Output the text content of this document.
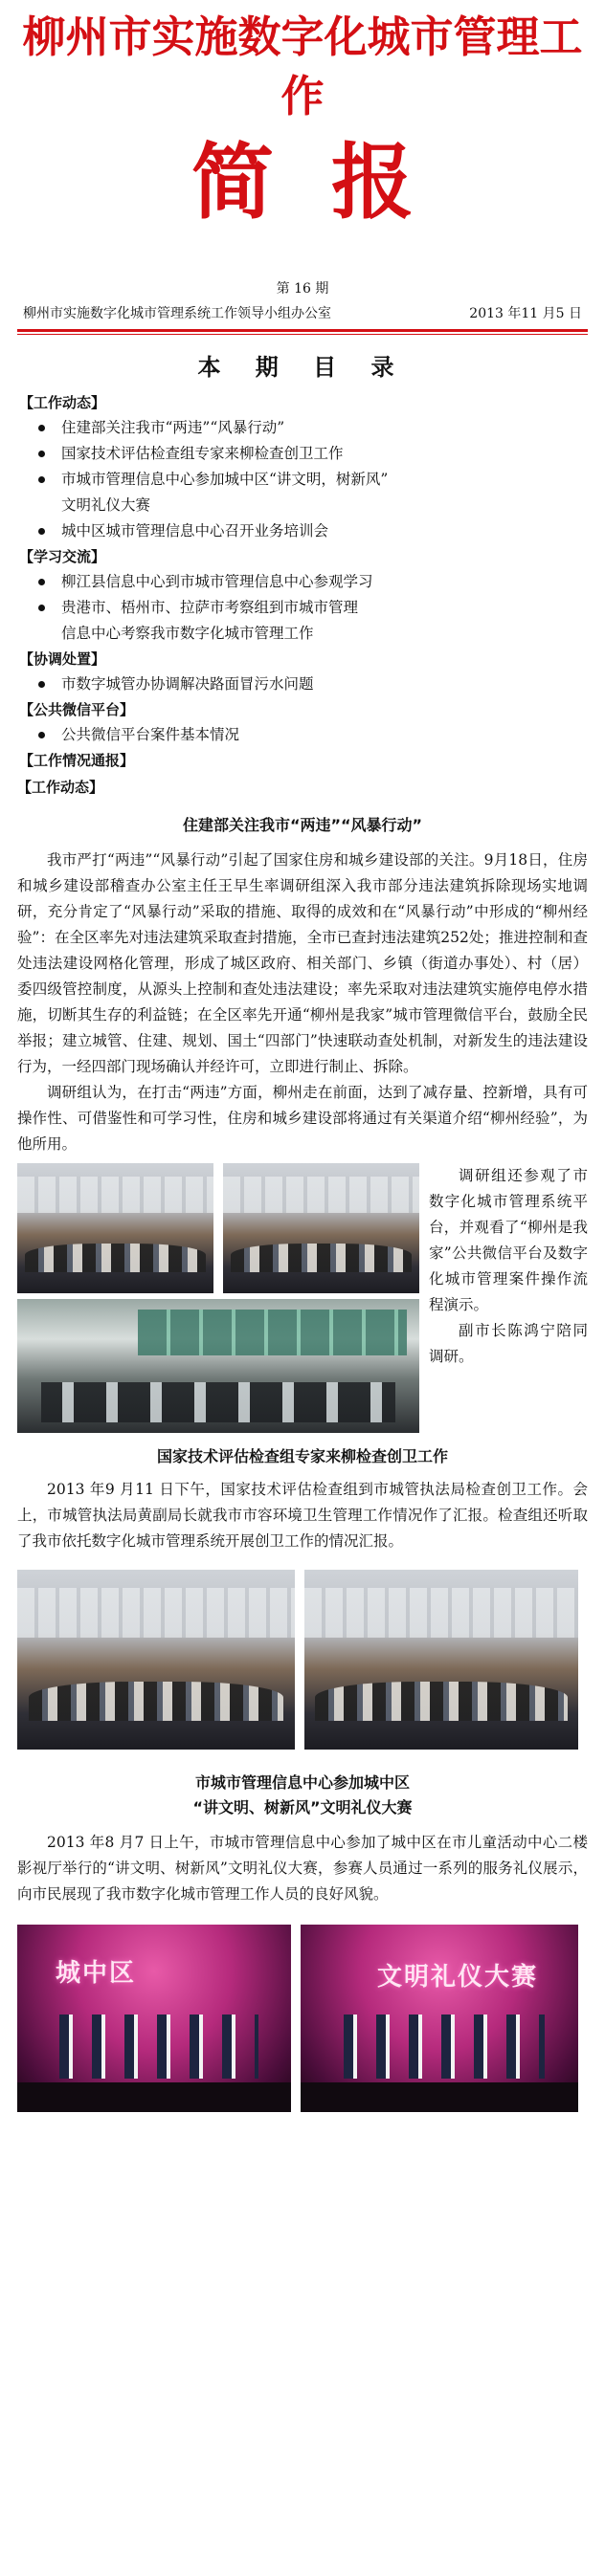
柳州市实施数字化城市管理工作
简报
第 16 期
柳州市实施数字化城市管理系统工作领导小组办公室	2013 年11 月5 日
本 期 目 录
【工作动态】
住建部关注我市“两违”“风暴行动”
国家技术评估检查组专家来柳检查创卫工作
市城市管理信息中心参加城中区“讲文明，树新风”
文明礼仪大赛
城中区城市管理信息中心召开业务培训会
【学习交流】
柳江县信息中心到市城市管理信息中心参观学习
贵港市、梧州市、拉萨市考察组到市城市管理
信息中心考察我市数字化城市管理工作
【协调处置】
市数字城管办协调解决路面冒污水问题
【公共微信平台】
公共微信平台案件基本情况
【工作情况通报】
【工作动态】
住建部关注我市“两违”“风暴行动”

我市严打“两违”“风暴行动”引起了国家住房和城乡建设部的关注。9月18日，住房和城乡建设部稽查办公室主任王早生率调研组深入我市部分违法建筑拆除现场实地调研，充分肯定了“风暴行动”采取的措施、取得的成效和在“风暴行动”中形成的“柳州经验”：在全区率先对违法建筑采取查封措施，全市已查封违法建筑252处；推进控制和查处违法建设网格化管理，形成了城区政府、相关部门、乡镇（街道办事处）、村（居）委四级管控制度，从源头上控制和查处违法建设；率先采取对违法建筑实施停电停水措施，切断其生存的利益链；在全区率先开通“柳州是我家”城市管理微信平台，鼓励全民举报；建立城管、住建、规划、国土“四部门”快速联动查处机制，对新发生的违法建设行为，一经四部门现场确认并经许可，立即进行制止、拆除。

调研组认为，在打击“两违”方面，柳州走在前面，达到了减存量、控新增，具有可操作性、可借鉴性和可学习性，住房和城乡建设部将通过有关渠道介绍“柳州经验”，为他所用。

调研组还参观了市数字化城市管理系统平台，并观看了“柳州是我家”公共微信平台及数字化城市管理案件操作流程演示。

副市长陈鸿宁陪同调研。

国家技术评估检查组专家来柳检查创卫工作

2013 年9 月11 日下午，国家技术评估检查组到市城管执法局检查创卫工作。会上，市城管执法局黄副局长就我市市容环境卫生管理工作情况作了汇报。检查组还听取了我市依托数字化城市管理系统开展创卫工作的情况汇报。

市城市管理信息中心参加城中区
“讲文明、树新风”文明礼仪大赛

2013 年8 月7 日上午，市城市管理信息中心参加了城中区在市儿童活动中心二楼影视厅举行的“讲文明、树新风”文明礼仪大赛，参赛人员通过一系列的服务礼仪展示，向市民展现了我市数字化城市管理工作人员的良好风貌。

城中区	文明礼仪大赛
